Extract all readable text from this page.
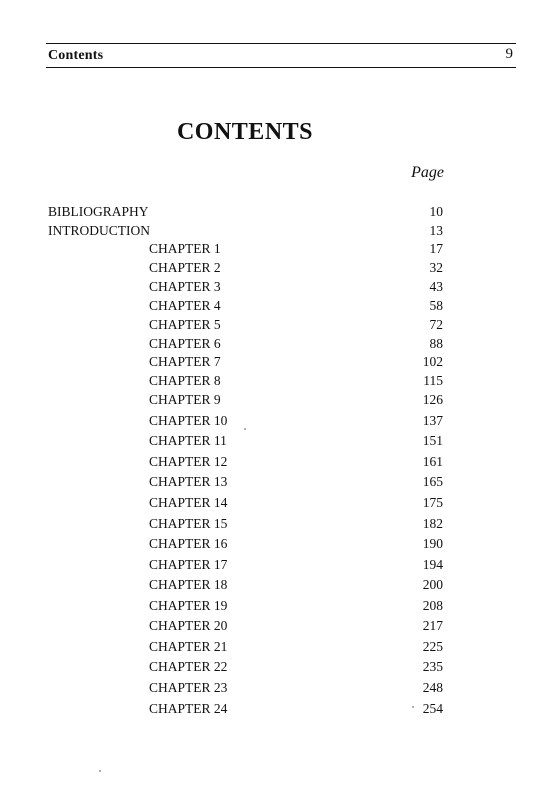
Contents	9
CONTENTS
Page
BIBLIOGRAPHY	10
INTRODUCTION	13
CHAPTER 1	17
CHAPTER 2	32
CHAPTER 3	43
CHAPTER 4	58
CHAPTER 5	72
CHAPTER 6	88
CHAPTER 7	102
CHAPTER 8	115
CHAPTER 9	126
CHAPTER 10	137
CHAPTER 11	151
CHAPTER 12	161
CHAPTER 13	165
CHAPTER 14	175
CHAPTER 15	182
CHAPTER 16	190
CHAPTER 17	194
CHAPTER 18	200
CHAPTER 19	208
CHAPTER 20	217
CHAPTER 21	225
CHAPTER 22	235
CHAPTER 23	248
CHAPTER 24	254
